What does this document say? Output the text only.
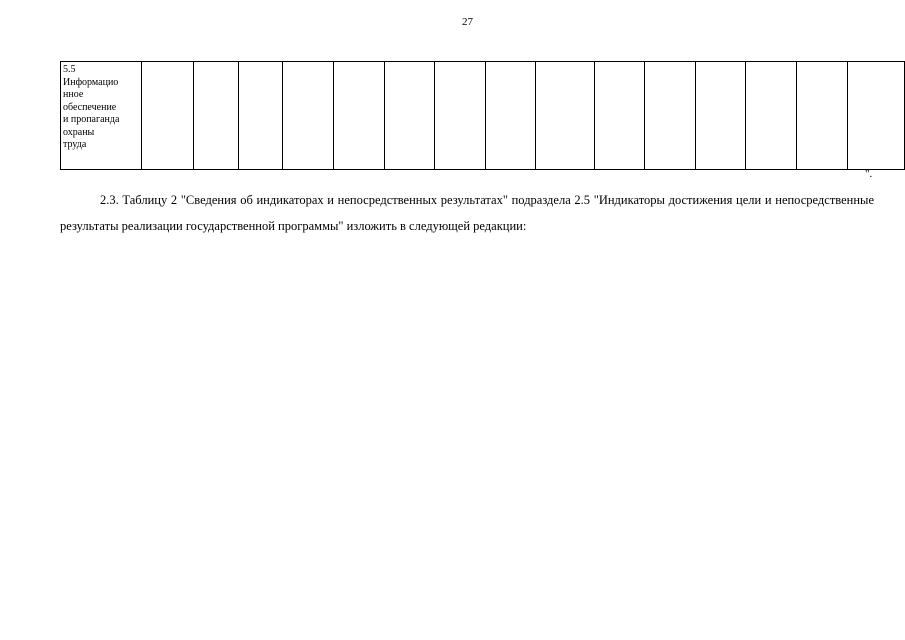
27
5.5
Информацио
нное
обеспечение
и пропаганда
охраны
труда

".

2.3. Таблицу 2 "Сведения об индикаторах и непосредственных результатах" подраздела 2.5 "Индикаторы достижения цели и непосредственные результаты реализации государственной программы" изложить в следующей редакции:
